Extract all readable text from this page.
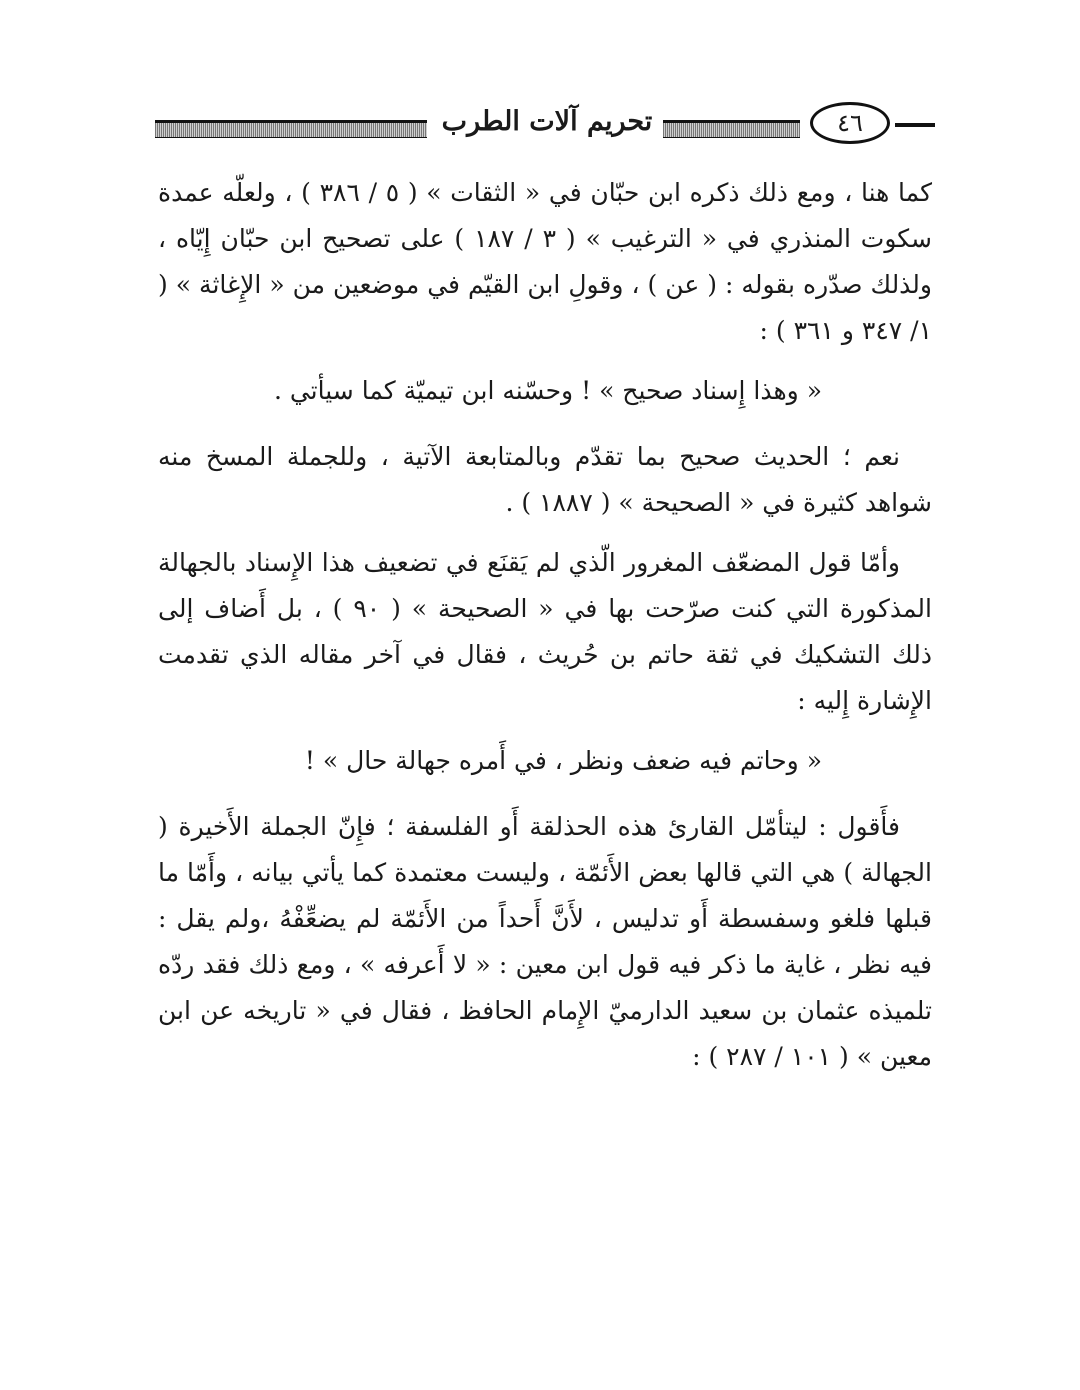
تحريم آلات الطرب	٤٦

كما هنا ، ومع ذلك ذكره ابن حبّان في « الثقات » ( ٥ / ٣٨٦ ) ، ولعلّه عمدة سكوت المنذري في « الترغيب » ( ٣ / ١٨٧ ) على تصحيح ابن حبّان إِيّاه ، ولذلك صدّره بقوله : ( عن ) ، وقولِ ابن القيّم في موضعين من « الإِغاثة » ( ١/ ٣٤٧ و ٣٦١ ) :

« وهذا إِسناد صحيح » ! وحسّنه ابن تيميّة كما سيأتي .

نعم ؛ الحديث صحيح بما تقدّم وبالمتابعة الآتية ، وللجملة المسخ منه شواهد كثيرة في « الصحيحة » ( ١٨٨٧ ) .

وأمّا قول المضعّف المغرور الّذي لم يَقنَع في تضعيف هذا الإِسناد بالجهالة المذكورة التي كنت صرّحت بها في « الصحيحة » ( ٩٠ ) ، بل أَضاف إلى ذلك التشكيك في ثقة حاتم بن حُريث ، فقال في آخر مقاله الذي تقدمت الإِشارة إِليه :

« وحاتم فيه ضعف ونظر ، في أَمره جهالة حال » !

فأَقول : ليتأمّل القارئ هذه الحذلقة أَو الفلسفة ؛ فإِنّ الجملة الأَخيرة ( الجهالة ) هي التي قالها بعض الأَئمّة ، وليست معتمدة كما يأتي بيانه ، وأَمّا ما قبلها فلغو وسفسطة أَو تدليس ، لأَنَّ أَحداً من الأَئمّة لم يضعِّفْهُ ،ولم يقل : فيه نظر ، غاية ما ذكر فيه قول ابن معين : « لا أَعرفه » ، ومع ذلك فقد ردّه تلميذه عثمان بن سعيد الدارميّ الإِمام الحافظ ، فقال في « تاريخه عن ابن معين » ( ١٠١ / ٢٨٧ ) :
